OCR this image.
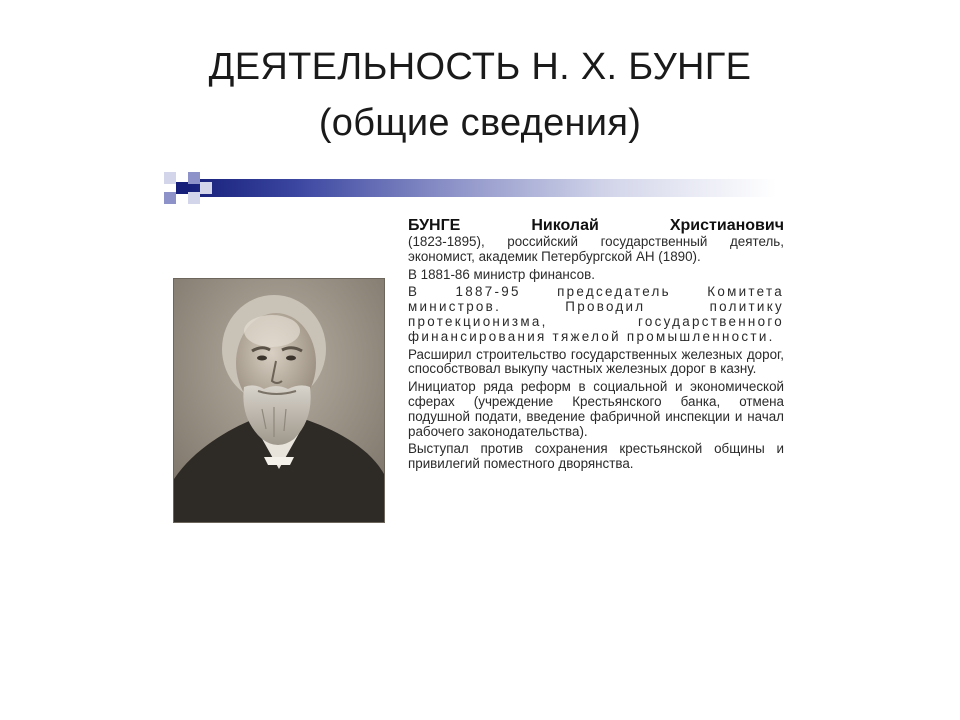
ДЕЯТЕЛЬНОСТЬ Н. Х. БУНГЕ
(общие сведения)

БУНГЕ Николай Христианович
(1823-1895), российский государственный деятель, экономист, академик Петербургской АН (1890).

В 1881-86 министр финансов.

В 1887-95 председатель Комитета министров. Проводил политику протекционизма, государственного финансирования тяжелой промышленности.

Расширил строительство государственных железных дорог, способствовал выкупу частных железных дорог в казну.

Инициатор ряда реформ в социальной и экономической сферах (учреждение Крестьянского банка, отмена подушной подати, введение фабричной инспекции и начал рабочего законодательства).

Выступал против сохранения крестьянской общины и привилегий поместного дворянства.
